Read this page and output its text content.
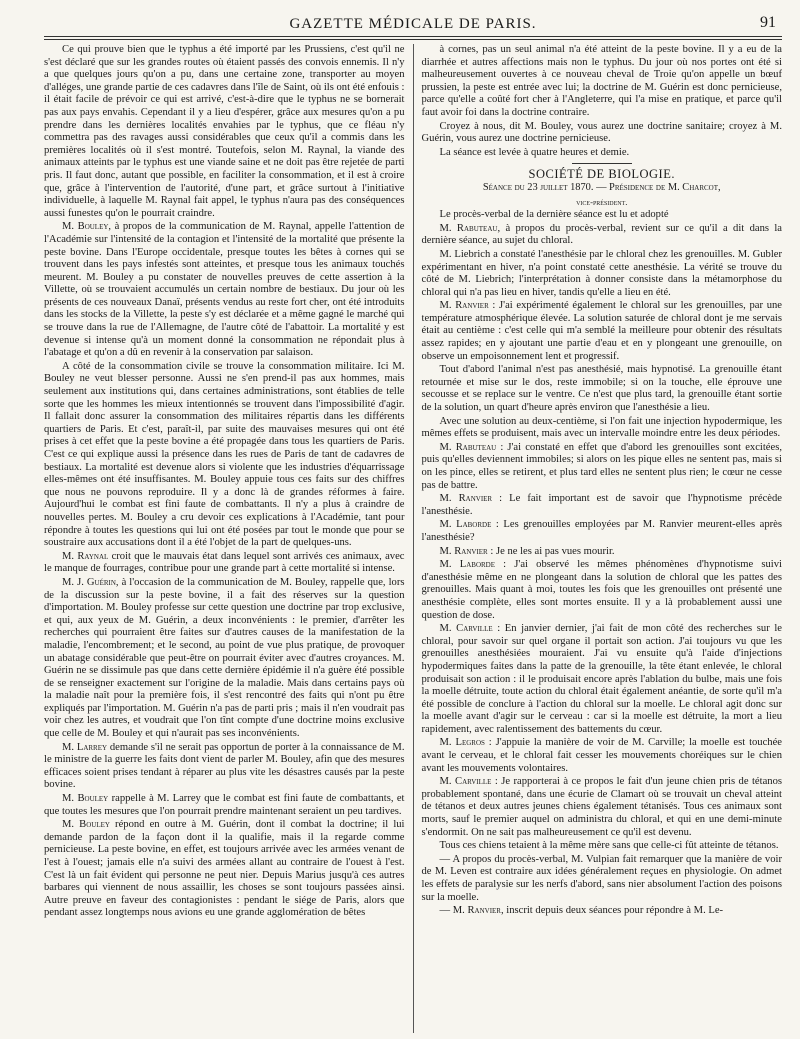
GAZETTE MÉDICALE DE PARIS.	91

Ce qui prouve bien que le typhus a été importé par les Prussiens, c'est qu'il ne s'est déclaré que sur les grandes routes où étaient passés des convois ennemis. Il n'y a que quelques jours qu'on a pu, dans une certaine zone, transporter au moyen d'alléges, une grande partie de ces cadavres dans l'île de Saint, où ils ont été enfouis : il était facile de prévoir ce qui est arrivé, c'est-à-dire que le typhus ne se bornerait pas aux pays envahis. Cependant il y a lieu d'espérer, grâce aux mesures qu'on a pu prendre dans les dernières localités envahies par le typhus, que ce fléau n'y commettra pas des ravages aussi considérables que ceux qu'il a commis dans les premières localités où il s'est montré. Toutefois, selon M. Raynal, la viande des animaux atteints par le typhus est une viande saine et ne doit pas être rejetée de parti pris. Il faut donc, autant que possible, en faciliter la consommation, et il est à croire que, grâce à l'intervention de l'autorité, d'une part, et grâce surtout à l'initiative individuelle, à laquelle M. Raynal fait appel, le typhus n'aura pas des conséquences aussi funestes qu'on le pourrait craindre.

M. Bouley, à propos de la communication de M. Raynal, appelle l'attention de l'Académie sur l'intensité de la contagion et l'intensité de la mortalité que présente la peste bovine. Dans l'Europe occidentale, presque toutes les bêtes à cornes qui se trouvent dans les pays infestés sont atteintes, et presque tous les animaux touchés meurent. M. Bouley a pu constater de nouvelles preuves de cette assertion à la Villette, où se trouvaient accumulés un certain nombre de bestiaux. Du jour où les présents de ces nouveaux Danaï, présents vendus au reste fort cher, ont été introduits dans les stocks de la Villette, la peste s'y est déclarée et a même gagné le marché qui se trouve dans la rue de l'Allemagne, de l'autre côté de l'abattoir. La mortalité y est devenue si intense qu'à un moment donné la consommation ne répondait plus à l'abatage et qu'on a dû en revenir à la conservation par salaison.

A côté de la consommation civile se trouve la consommation militaire. Ici M. Bouley ne veut blesser personne. Aussi ne s'en prend-il pas aux hommes, mais seulement aux institutions qui, dans certaines administrations, sont établies de telle sorte que les hommes les mieux intentionnés se trouvent dans l'impossibilité d'agir. Il fallait donc assurer la consommation des militaires répartis dans les différents quartiers de Paris. Et c'est, paraît-il, par suite des mauvaises mesures qui ont été prises à cet effet que la peste bovine a été propagée dans tous les quartiers de Paris. C'est ce qui explique aussi la présence dans les rues de Paris de tant de cadavres de bestiaux. La mortalité est devenue alors si violente que les industries d'équarrissage elles-mêmes ont été insuffisantes. M. Bouley appuie tous ces faits sur des chiffres que nous ne pouvons reproduire. Il y a donc là de grandes réformes à faire. Aujourd'hui le combat est fini faute de combattants. Il n'y a plus à craindre de nouvelles pertes. M. Bouley a cru devoir ces explications à l'Académie, tant pour répondre à toutes les questions qui lui ont été posées par tout le monde que pour se soustraire aux accusations dont il a été l'objet de la part de quelques-uns.

M. Raynal croit que le mauvais état dans lequel sont arrivés ces animaux, avec le manque de fourrages, contribue pour une grande part à cette mortalité si intense.

M. J. Guérin, à l'occasion de la communication de M. Bouley, rappelle que, lors de la discussion sur la peste bovine, il a fait des réserves sur la question d'importation. M. Bouley professe sur cette question une doctrine par trop exclusive, et qui, aux yeux de M. Guérin, a deux inconvénients : le premier, d'arrêter les recherches qui pourraient être faites sur d'autres causes de la manifestation de la maladie, l'encombrement; et le second, au point de vue plus pratique, de provoquer un abatage considérable que peut-être on pourrait éviter avec d'autres croyances. M. Guérin ne se dissimule pas que dans cette dernière épidémie il n'a guère été possible de se renseigner exactement sur l'origine de la maladie. Mais dans certains pays où la maladie naît pour la première fois, il s'est rencontré des faits qui n'ont pu être expliqués par l'importation. M. Guérin n'a pas de parti pris ; mais il n'en voudrait pas voir chez les autres, et voudrait que l'on tînt compte d'une doctrine moins exclusive que celle de M. Bouley et qui n'aurait pas ses inconvénients.

M. Larrey demande s'il ne serait pas opportun de porter à la connaissance de M. le ministre de la guerre les faits dont vient de parler M. Bouley, afin que des mesures efficaces soient prises tendant à réparer au plus vite les désastres causés par la peste bovine.

M. Bouley rappelle à M. Larrey que le combat est fini faute de combattants, et que toutes les mesures que l'on pourrait prendre maintenant seraient un peu tardives.

M. Bouley répond en outre à M. Guérin, dont il combat la doctrine; il lui demande pardon de la façon dont il la qualifie, mais il la regarde comme pernicieuse. La peste bovine, en effet, est toujours arrivée avec les armées venant de l'est à l'ouest; jamais elle n'a suivi des armées allant au contraire de l'ouest à l'est. C'est là un fait évident qui personne ne peut nier. Depuis Marius jusqu'à ces autres barbares qui viennent de nous assaillir, les choses se sont toujours passées ainsi. Autre preuve en faveur des contagionistes : pendant le siége de Paris, alors que pendant assez longtemps nous avions eu une grande agglomération de bêtes

à cornes, pas un seul animal n'a été atteint de la peste bovine. Il y a eu de la diarrhée et autres affections mais non le typhus. Du jour où nos portes ont été si malheureusement ouvertes à ce nouveau cheval de Troie qu'on appelle un bœuf prussien, la peste est entrée avec lui; la doctrine de M. Guérin est donc pernicieuse, parce qu'elle a coûté fort cher à l'Angleterre, qui l'a mise en pratique, et parce qu'il faut avoir foi dans la doctrine contraire.

Croyez à nous, dit M. Bouley, vous aurez une doctrine sanitaire; croyez à M. Guérin, vous aurez une doctrine pernicieuse.

La séance est levée à quatre heures et demie.

SOCIÉTÉ DE BIOLOGIE.

Séance du 23 juillet 1870. — Présidence de M. Charcot,

vice-président.

Le procès-verbal de la dernière séance est lu et adopté

M. Rabuteau, à propos du procès-verbal, revient sur ce qu'il a dit dans la dernière séance, au sujet du chloral.

M. Liebrich a constaté l'anesthésie par le chloral chez les grenouilles. M. Gubler expérimentant en hiver, n'a point constaté cette anesthésie. La vérité se trouve du côté de M. Liebrich; l'interprétation à donner consiste dans la métamorphose du chloral qui n'a pas lieu en hiver, tandis qu'elle a lieu en été.

M. Ranvier : J'ai expérimenté également le chloral sur les grenouilles, par une température atmosphérique élevée. La solution saturée de chloral dont je me servais était au centième : c'est celle qui m'a semblé la meilleure pour obtenir des résultats assez rapides; en y ajoutant une partie d'eau et en y plongeant une grenouille, on observe un empoisonnement lent et progressif.

Tout d'abord l'animal n'est pas anesthésié, mais hypnotisé. La grenouille étant retournée et mise sur le dos, reste immobile; si on la touche, elle éprouve une secousse et se replace sur le ventre. Ce n'est que plus tard, la grenouille étant sortie de la solution, un quart d'heure après environ que l'anesthésie a lieu.

Avec une solution au deux-centième, si l'on fait une injection hypodermique, les mêmes effets se produisent, mais avec un intervalle moindre entre les deux périodes.

M. Rabuteau : J'ai constaté en effet que d'abord les grenouilles sont excitées, puis qu'elles deviennent immobiles; si alors on les pique elles ne sentent pas, mais si on les pince, elles se retirent, et plus tard elles ne sentent plus rien; le cœur ne cesse pas de battre.

M. Ranvier : Le fait important est de savoir que l'hypnotisme précède l'anesthésie.

M. Laborde : Les grenouilles employées par M. Ranvier meurent-elles après l'anesthésie?

M. Ranvier : Je ne les ai pas vues mourir.

M. Laborde : J'ai observé les mêmes phénomènes d'hypnotisme suivi d'anesthésie même en ne plongeant dans la solution de chloral que les pattes des grenouilles. Mais quant à moi, toutes les fois que les grenouilles ont présenté une anesthésie complète, elles sont mortes ensuite. Il y a là probablement aussi une question de dose.

M. Carville : En janvier dernier, j'ai fait de mon côté des recherches sur le chloral, pour savoir sur quel organe il portait son action. J'ai toujours vu que les grenouilles anesthésiées mouraient. J'ai vu ensuite qu'à l'aide d'injections hypodermiques faites dans la patte de la grenouille, la tête étant enlevée, le chloral produisait son action : il le produisait encore après l'ablation du bulbe, mais une fois la moelle détruite, toute action du chloral était également anéantie, de sorte qu'il m'a été possible de conclure à l'action du chloral sur la moelle. Le chloral agit donc sur la moelle avant d'agir sur le cerveau : car si la moelle est détruite, la mort a lieu rapidement, avec ralentissement des battements du cœur.

M. Legros : J'appuie la manière de voir de M. Carville; la moelle est touchée avant le cerveau, et le chloral fait cesser les mouvements choréiques sur le chien avant les mouvements volontaires.

M. Carville : Je rapporterai à ce propos le fait d'un jeune chien pris de tétanos probablement spontané, dans une écurie de Clamart où se trouvait un cheval atteint de tétanos et deux autres jeunes chiens également tétanisés. Tous ces animaux sont morts, sauf le premier auquel on administra du chloral, et qui en une demi-minute s'endormit. On ne sait pas malheureusement ce qu'il est devenu.

Tous ces chiens tetaient à la même mère sans que celle-ci fût atteinte de tétanos.

— A propos du procès-verbal, M. Vulpian fait remarquer que la manière de voir de M. Leven est contraire aux idées généralement reçues en physiologie. On admet les effets de paralysie sur les nerfs d'abord, sans nier absolument l'action des poisons sur la moelle.

— M. Ranvier, inscrit depuis deux séances pour répondre à M. Le-
